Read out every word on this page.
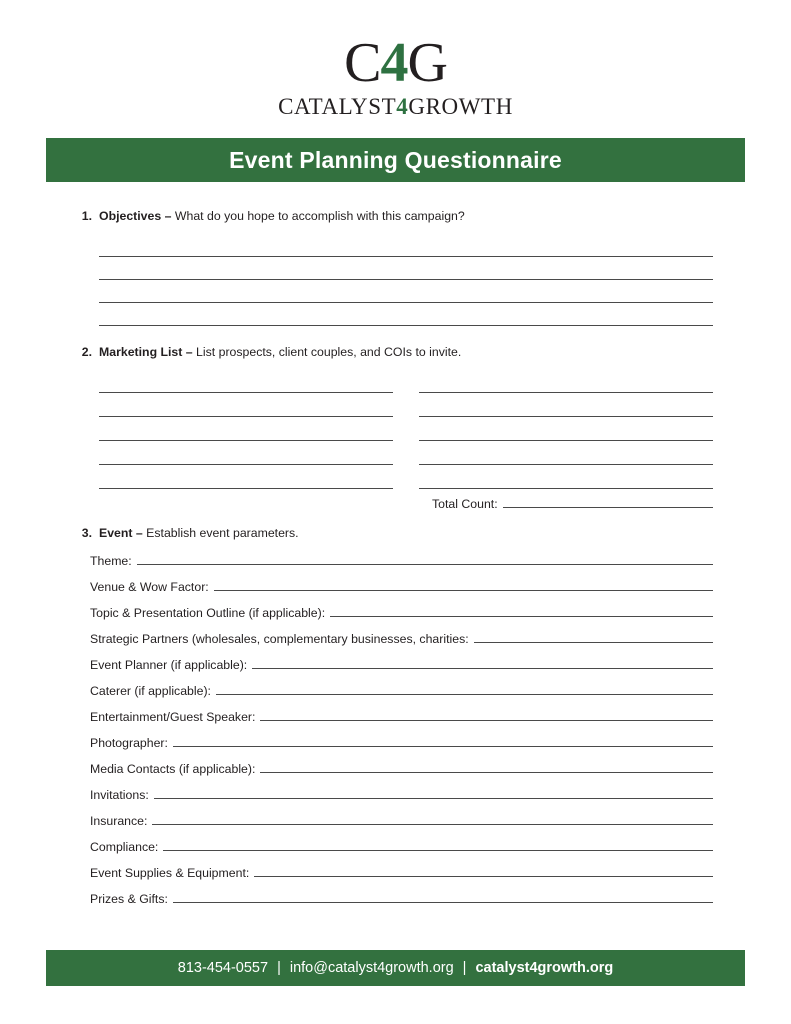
C4G
CATALYST4GROWTH
Event Planning Questionnaire
1. Objectives – What do you hope to accomplish with this campaign?
2. Marketing List – List prospects, client couples, and COIs to invite.
Total Count:
3. Event – Establish event parameters.
Theme:
Venue & Wow Factor:
Topic & Presentation Outline (if applicable):
Strategic Partners (wholesales, complementary businesses, charities:
Event Planner (if applicable):
Caterer (if applicable):
Entertainment/Guest Speaker:
Photographer:
Media Contacts (if applicable):
Invitations:
Insurance:
Compliance:
Event Supplies & Equipment:
Prizes & Gifts:
813-454-0557 | info@catalyst4growth.org | catalyst4growth.org
